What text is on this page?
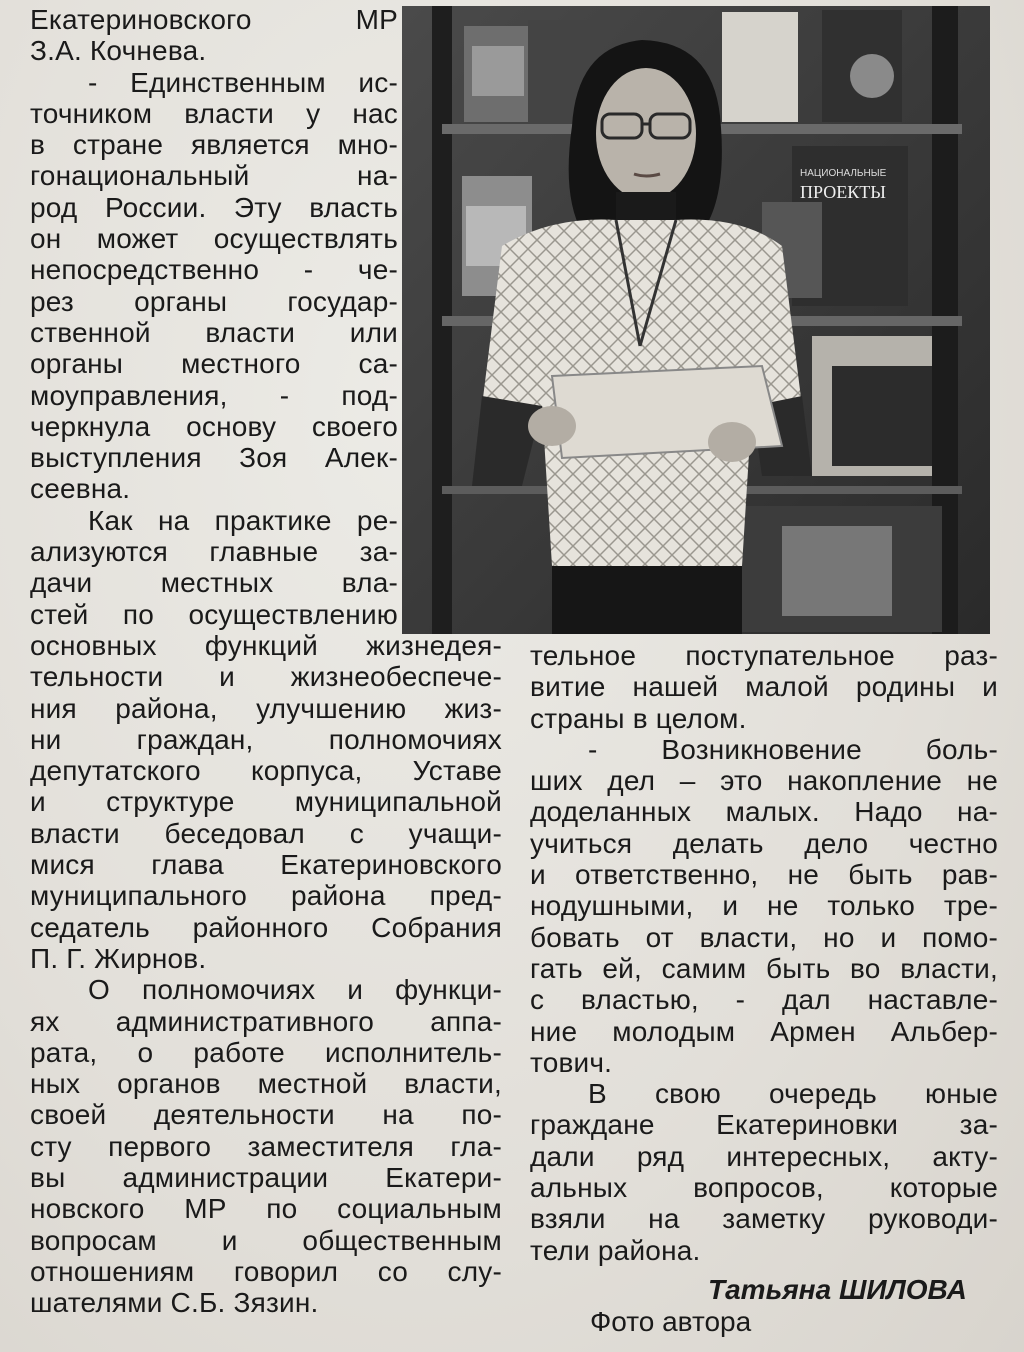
НАЦИОНАЛЬНЫЕ
ПРОЕКТЫ
Екатериновского МР
З.А. Кочнева.
- Единственным ис-
точником власти у нас
в стране является мно-
гонациональный на-
род России. Эту власть
он может осуществлять
непосредственно - че-
рез органы государ-
ственной власти или
органы местного са-
моуправления, - под-
черкнула основу своего
выступления Зоя Алек-
сеевна.
Как на практике ре-
ализуются главные за-
дачи местных вла-
стей по осуществлению
основных функций жизнедея-
тельности и жизнеобеспече-
ния района, улучшению жиз-
ни граждан, полномочиях
депутатского корпуса, Уставе
и структуре муниципальной
власти беседовал с учащи-
мися глава Екатериновского
муниципального района пред-
седатель районного Собрания
П. Г. Жирнов.
О полномочиях и функци-
ях административного аппа-
рата, о работе исполнитель-
ных органов местной власти,
своей деятельности на по-
сту первого заместителя гла-
вы администрации Екатери-
новского МР по социальным
вопросам и общественным
отношениям говорил со слу-
шателями С.Б. Зязин.
тельное поступательное раз-
витие нашей малой родины и
страны в целом.
- Возникновение боль-
ших дел – это накопление не
доделанных малых. Надо на-
учиться делать дело честно
и ответственно, не быть рав-
нодушными, и не только тре-
бовать от власти, но и помо-
гать ей, самим быть во власти,
с властью, - дал наставле-
ние молодым Армен Альбер-
тович.
В свою очередь юные
граждане Екатериновки за-
дали ряд интересных, акту-
альных вопросов, которые
взяли на заметку руководи-
тели района.
Татьяна ШИЛОВА
Фото автора
